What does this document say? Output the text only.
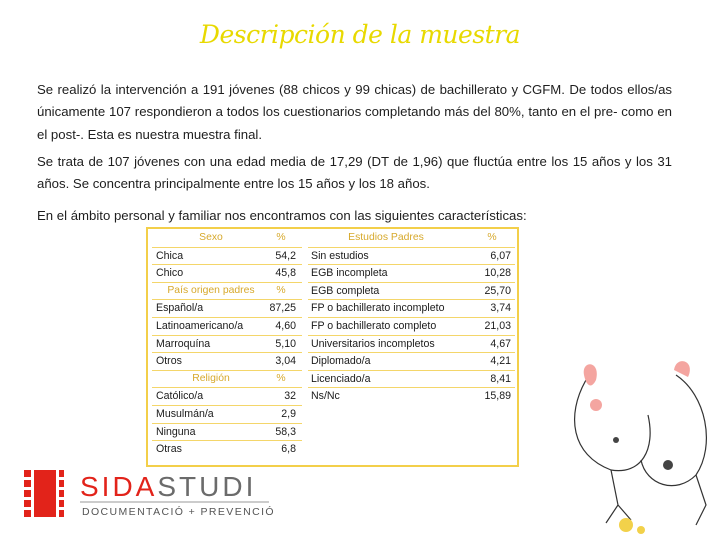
Descripción de la muestra

Se realizó la intervención a 191 jóvenes (88 chicos y 99 chicas) de bachillerato y CGFM. De todos ellos/as únicamente 107 respondieron a todos los cuestionarios completando más del 80%, tanto en el pre- como en el post-. Esta es nuestra muestra final.

Se trata de 107 jóvenes con una edad media de 17,29 (DT de 1,96) que fluctúa entre los 15 años y los 31 años. Se concentra principalmente entre los 15 años y los 18 años.

En el ámbito personal y familiar nos encontramos con las siguientes características:

Sexo	%
Chica	54,2
Chico	45,8
País origen padres	%
Español/a	87,25
Latinoamericano/a	4,60
Marroquína	5,10
Otros	3,04
Religión	%
Católico/a	32
Musulmán/a	2,9
Ninguna	58,3
Otras	6,8
Estudios Padres	%
Sin estudios	6,07
EGB incompleta	10,28
EGB completa	25,70
FP o bachillerato incompleto	3,74
FP o bachillerato completo	21,03
Universitarios incompletos	4,67
Diplomado/a	4,21
Licenciado/a	8,41
Ns/Nc	15,89
SIDASTUDI
DOCUMENTACIÓ + PREVENCIÓ
